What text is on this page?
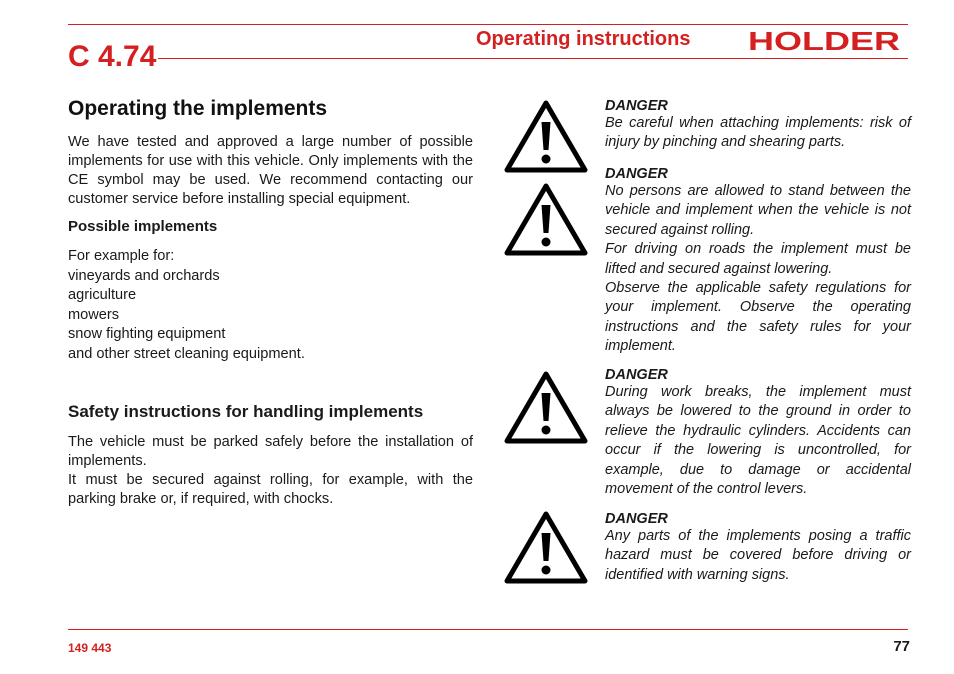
C 4.74
Operating instructions HOLDER
Operating the implements
We have tested and approved a large number of possible implements for use with this vehicle. Only implements with the CE symbol may be used. We recommend contacting our customer service before installing special equipment.
Possible implements
For example for:
vineyards and orchards
agriculture
mowers
snow fighting equipment
and other street cleaning equipment.
Safety instructions for handling implements
The vehicle must be parked safely before the installation of implements.
It must be secured against rolling, for example, with the parking brake or, if required, with chocks.
DANGER
Be careful when attaching implements: risk of injury by pinching and shearing parts.
DANGER
No persons are allowed to stand between the vehicle and implement when the vehicle is not secured against rolling.
For driving on roads the implement must be lifted and secured against lowering.
Observe the applicable safety regulations for your implement. Observe the operating instructions and the safety rules for your implement.
DANGER
During work breaks, the implement must always be lowered to the ground in order to relieve the hydraulic cylinders. Accidents can occur if the lowering is uncontrolled, for example, due to damage or accidental movement of the control levers.
DANGER
Any parts of the implements posing a traffic hazard must be covered before driving or identified with warning signs.
149 443	77
